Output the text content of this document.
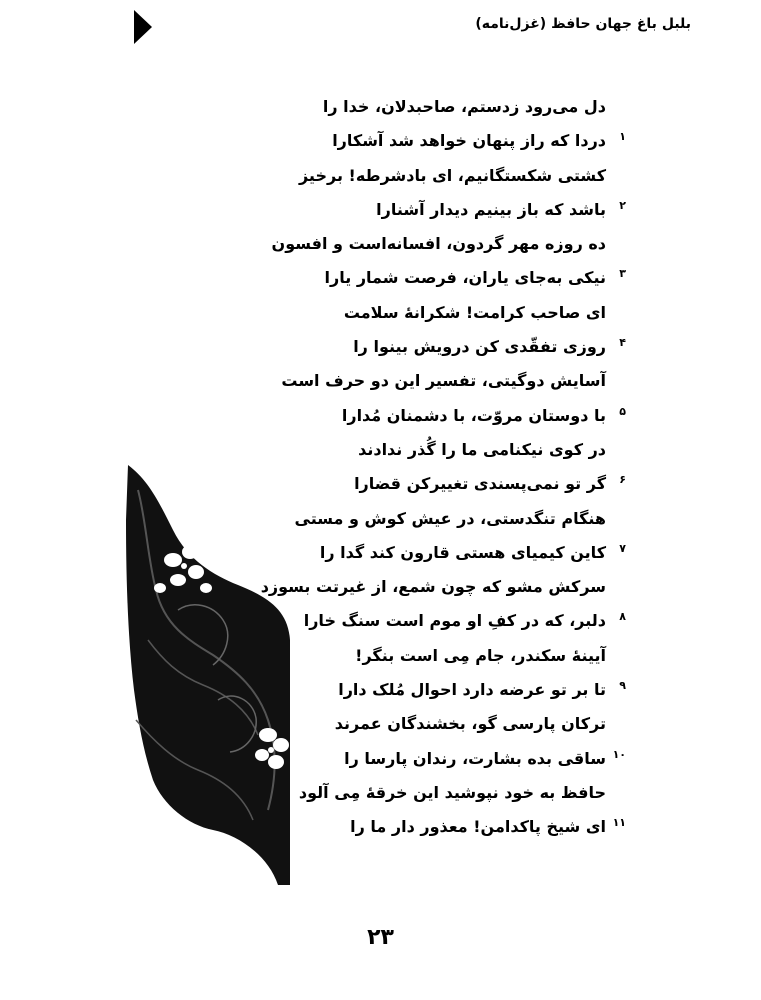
بلبل باغ جهان حافظ (غزل‌نامه)
دل می‌رود زدستم، صاحبدلان، خدا را
دردا که راز پنهان خواهد شد آشکارا ۱
کشتی شکستگانیم، ای بادشرطه! برخیز
باشد که باز بینیم دیدار آشنارا ۲
ده روزه مهر گردون، افسانه‌است و افسون
نیکی به‌جای یاران، فرصت شمار یارا ۳
ای صاحب کرامت! شکرانهٔ سلامت
روزی تفقّدی کن درویش بینوا را ۴
آسایش دوگیتی، تفسیر این دو حرف است
با دوستان مروّت، با دشمنان مُدارا ۵
در کوی نیکنامی ما را گُذر ندادند
گر تو نمی‌پسندی تغییرکن قضارا ۶
هنگام تنگدستی، در عیش کوش و مستی
کاین کیمیای هستی قارون کند گدا را ۷
سرکش مشو که چون شمع، از غیرتت بسوزد
دلبر، که در کفِ او موم است سنگ خارا ۸
آیینهٔ سکندر، جام مِی است بنگر!
تا بر تو عرضه دارد احوال مُلک دارا ۹
ترکان پارسی گو، بخشندگان عمرند
ساقی بده بشارت، رندان پارسا را ۱۰
حافظ به خود نپوشید این خرقهٔ مِی آلود
ای شیخ پاکدامن! معذور دار ما را ۱۱
۲۳
